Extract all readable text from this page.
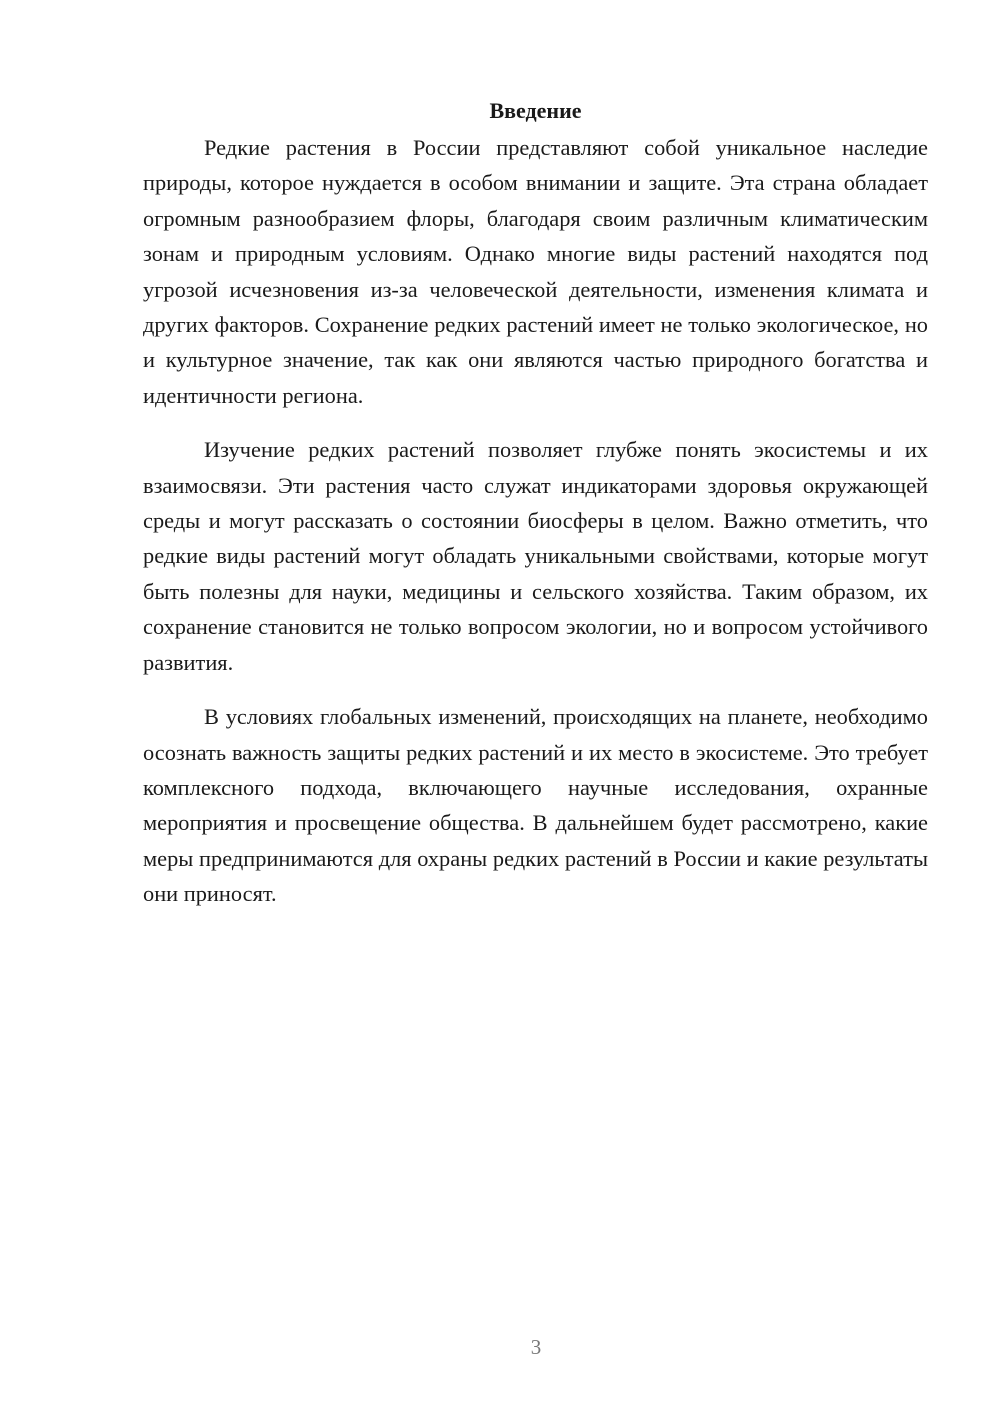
Введение

Редкие растения в России представляют собой уникальное наследие природы, которое нуждается в особом внимании и защите. Эта страна обладает огромным разнообразием флоры, благодаря своим различным климатическим зонам и природным условиям. Однако многие виды растений находятся под угрозой исчезновения из-за человеческой деятельности, изменения климата и других факторов. Сохранение редких растений имеет не только экологическое, но и культурное значение, так как они являются частью природного богатства и идентичности региона.

Изучение редких растений позволяет глубже понять экосистемы и их взаимосвязи. Эти растения часто служат индикаторами здоровья окружающей среды и могут рассказать о состоянии биосферы в целом. Важно отметить, что редкие виды растений могут обладать уникальными свойствами, которые могут быть полезны для науки, медицины и сельского хозяйства. Таким образом, их сохранение становится не только вопросом экологии, но и вопросом устойчивого развития.

В условиях глобальных изменений, происходящих на планете, необходимо осознать важность защиты редких растений и их место в экосистеме. Это требует комплексного подхода, включающего научные исследования, охранные мероприятия и просвещение общества. В дальнейшем будет рассмотрено, какие меры предпринимаются для охраны редких растений в России и какие результаты они приносят.

3
